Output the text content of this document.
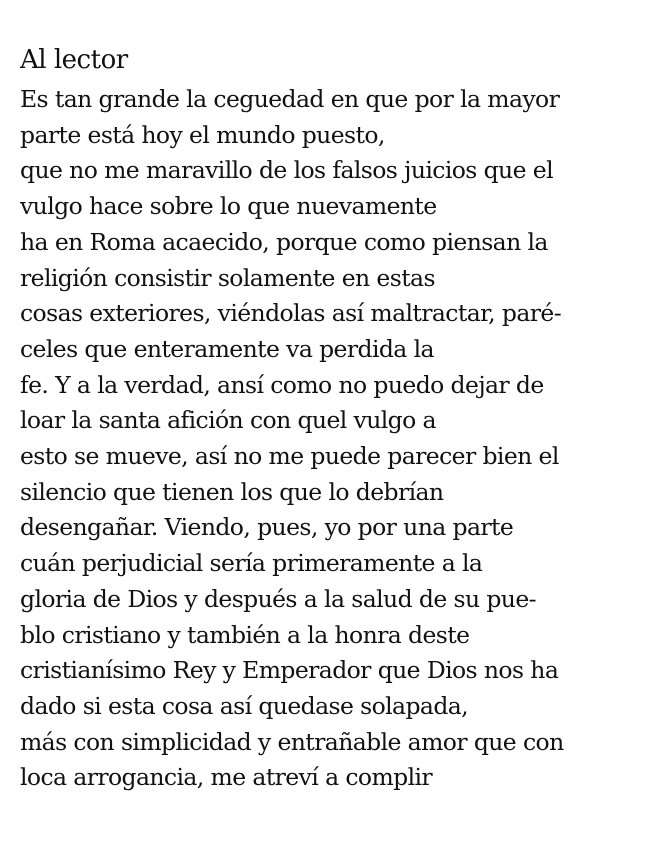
Al lector
Es tan grande la ceguedad en que por la mayor
parte está hoy el mundo puesto,
que no me maravillo de los falsos juicios que el
vulgo hace sobre lo que nuevamente
ha en Roma acaecido, porque como piensan la
religión consistir solamente en estas
cosas exteriores, viéndolas así maltractar, paré-
celes que enteramente va perdida la
fe. Y a la verdad, ansí como no puedo dejar de
loar la santa afición con quel vulgo a
esto se mueve, así no me puede parecer bien el
silencio que tienen los que lo debrían
desengañar. Viendo, pues, yo por una parte
cuán perjudicial sería primeramente a la
gloria de Dios y después a la salud de su pue-
blo cristiano y también a la honra deste
cristianísimo Rey y Emperador que Dios nos ha
dado si esta cosa así quedase solapada,
más con simplicidad y entrañable amor que con
loca arrogancia, me atreví a complir
